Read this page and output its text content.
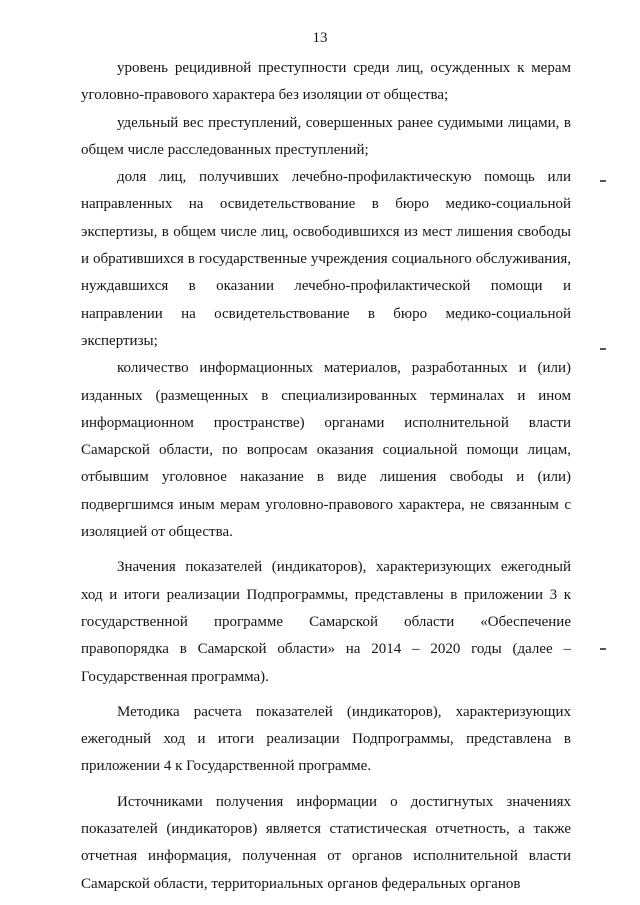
13

уровень рецидивной преступности среди лиц, осужденных к мерам уголовно-правового характера без изоляции от общества;

удельный вес преступлений, совершенных ранее судимыми лицами, в общем числе расследованных преступлений;

доля лиц, получивших лечебно-профилактическую помощь или направленных на освидетельствование в бюро медико-социальной экспертизы, в общем числе лиц, освободившихся из мест лишения свободы и обратившихся в государственные учреждения социального обслуживания, нуждавшихся в оказании лечебно-профилактической помощи и направлении на освидетельствование в бюро медико-социальной экспертизы;

количество информационных материалов, разработанных и (или) изданных (размещенных в специализированных терминалах и ином информационном пространстве) органами исполнительной власти Самарской области, по вопросам оказания социальной помощи лицам, отбывшим уголовное наказание в виде лишения свободы и (или) подвергшимся иным мерам уголовно-правового характера, не связанным с изоляцией от общества.

Значения показателей (индикаторов), характеризующих ежегодный ход и итоги реализации Подпрограммы, представлены в приложении 3 к государственной программе Самарской области «Обеспечение правопорядка в Самарской области» на 2014 – 2020 годы (далее – Государственная программа).

Методика расчета показателей (индикаторов), характеризующих ежегодный ход и итоги реализации Подпрограммы, представлена в приложении 4 к Государственной программе.

Источниками получения информации о достигнутых значениях показателей (индикаторов) является статистическая отчетность, а также отчетная информация, полученная от органов исполнительной власти Самарской области, территориальных органов федеральных органов
